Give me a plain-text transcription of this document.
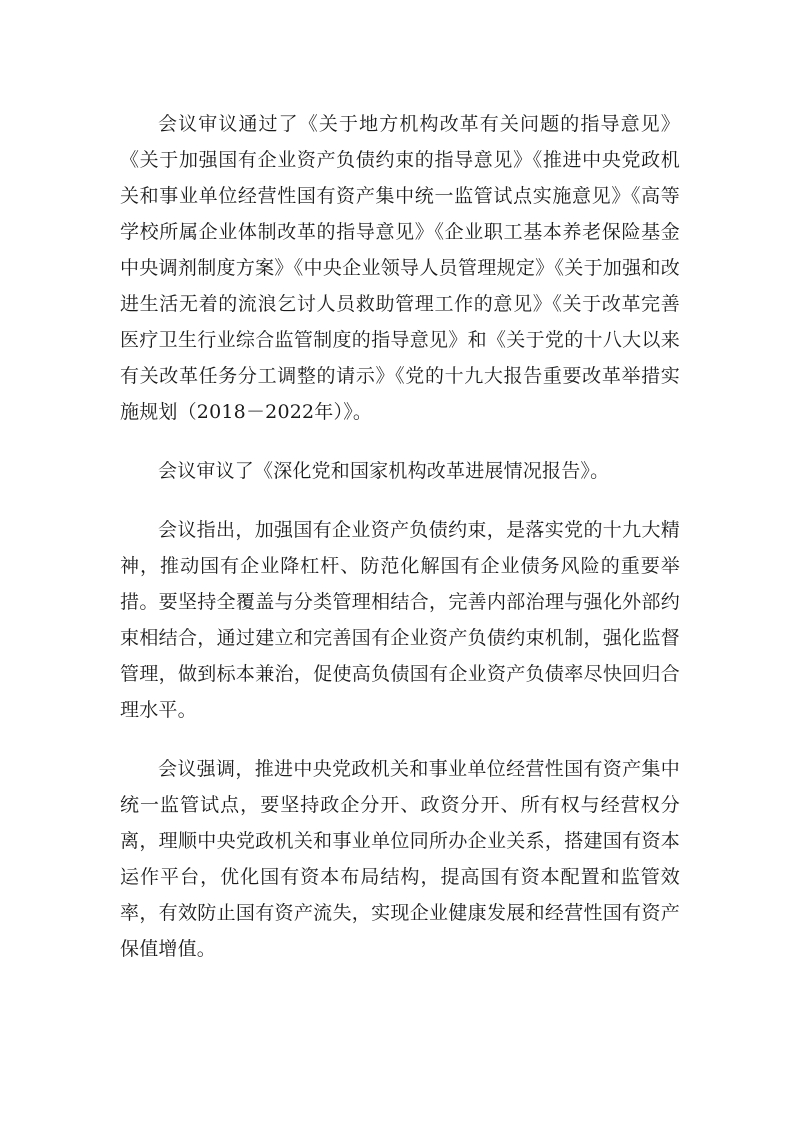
会议审议通过了《关于地方机构改革有关问题的指导意见》《关于加强国有企业资产负债约束的指导意见》《推进中央党政机关和事业单位经营性国有资产集中统一监管试点实施意见》《高等学校所属企业体制改革的指导意见》《企业职工基本养老保险基金中央调剂制度方案》《中央企业领导人员管理规定》《关于加强和改进生活无着的流浪乞讨人员救助管理工作的意见》《关于改革完善医疗卫生行业综合监管制度的指导意见》和《关于党的十八大以来有关改革任务分工调整的请示》《党的十九大报告重要改革举措实施规划（2018－2022年）》。

会议审议了《深化党和国家机构改革进展情况报告》。

会议指出，加强国有企业资产负债约束，是落实党的十九大精神，推动国有企业降杠杆、防范化解国有企业债务风险的重要举措。要坚持全覆盖与分类管理相结合，完善内部治理与强化外部约束相结合，通过建立和完善国有企业资产负债约束机制，强化监督管理，做到标本兼治，促使高负债国有企业资产负债率尽快回归合理水平。

会议强调，推进中央党政机关和事业单位经营性国有资产集中统一监管试点，要坚持政企分开、政资分开、所有权与经营权分离，理顺中央党政机关和事业单位同所办企业关系，搭建国有资本运作平台，优化国有资本布局结构，提高国有资本配置和监管效率，有效防止国有资产流失，实现企业健康发展和经营性国有资产保值增值。
